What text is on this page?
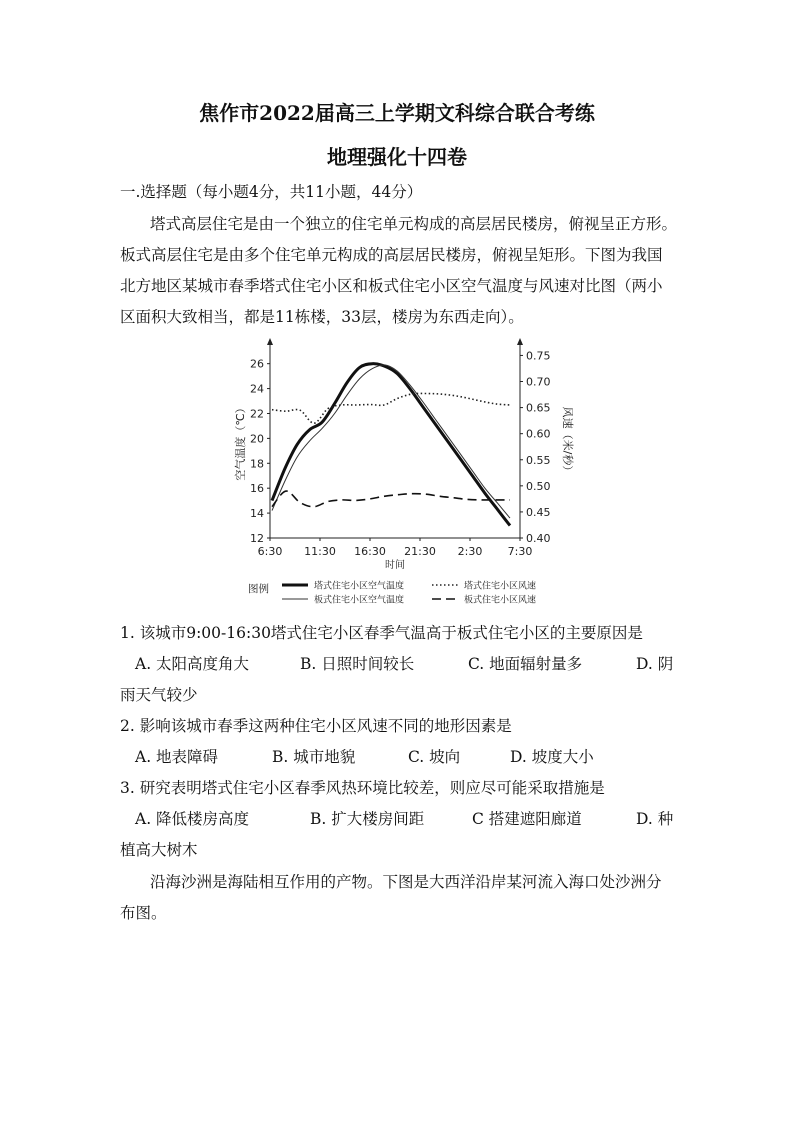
焦作市2022届高三上学期文科综合联合考练
地理强化十四卷
一.选择题（每小题4分，共11小题，44分）
塔式高层住宅是由一个独立的住宅单元构成的高层居民楼房，俯视呈正方形。
板式高层住宅是由多个住宅单元构成的高层居民楼房，俯视呈矩形。下图为我国
北方地区某城市春季塔式住宅小区和板式住宅小区空气温度与风速对比图（两小
区面积大致相当，都是11栋楼，33层，楼房为东西走向）。
12
14
16
18
20
22
24
26
0.40
0.45
0.50
0.55
0.60
0.65
0.70
0.75
6:30 11:30 16:30 21:30 2:30 7:30
时间
空气温度（℃）	风速（米/秒）
图例	塔式住宅小区空气温度
板式住宅小区空气温度
塔式住宅小区风速
板式住宅小区风速
1. 该城市9:00-16:30塔式住宅小区春季气温高于板式住宅小区的主要原因是
A. 太阳高度角大	B. 日照时间较长	C. 地面辐射量多	D. 阴
雨天气较少
2. 影响该城市春季这两种住宅小区风速不同的地形因素是
A. 地表障碍	B. 城市地貌	C. 坡向	D. 坡度大小
3. 研究表明塔式住宅小区春季风热环境比较差，则应尽可能采取措施是
A. 降低楼房高度	B. 扩大楼房间距	C 搭建遮阳廊道	D. 种
植高大树木
沿海沙洲是海陆相互作用的产物。下图是大西洋沿岸某河流入海口处沙洲分
布图。
